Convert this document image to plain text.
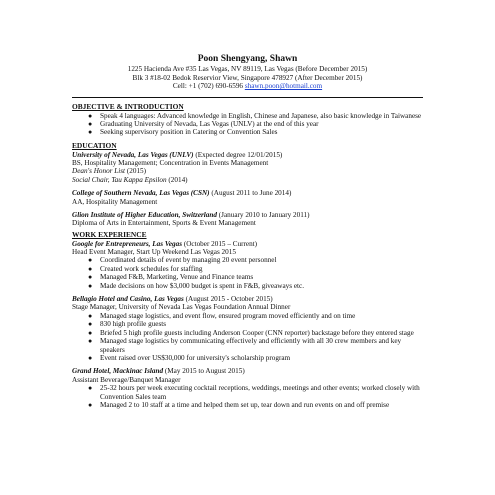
Poon Shengyang, Shawn
1225 Hacienda Ave #35 Las Vegas, NV 89119, Las Vegas (Before December 2015)
Blk 3 #18-02 Bedok Reservior View, Singapore 478927 (After December 2015)
Cell: +1 (702) 690-6596 shawn.poon@hotmail.com
OBJECTIVE & INTRODUCTION
● Speak 4 languages: Advanced knowledge in English, Chinese and Japanese, also basic knowledge in Taiwanese
● Graduating University of Nevada, Las Vegas (UNLV) at the end of this year
● Seeking supervisory position in Catering or Convention Sales
EDUCATION
University of Nevada, Las Vegas (UNLV) (Expected degree 12/01/2015)
BS, Hospitality Management; Concentration in Events Management
Dean's Honor List (2015)
Social Chair, Tau Kappa Epsilon (2014)
College of Southern Nevada, Las Vegas (CSN) (August 2011 to June 2014)
AA, Hospitality Management
Glion Institute of Higher Education, Switzerland (January 2010 to January 2011)
Diploma of Arts in Entertainment, Sports & Event Management
WORK EXPERIENCE
Google for Entrepreneurs, Las Vegas (October 2015 – Current)
Head Event Manager, Start Up Weekend Las Vegas 2015
● Coordinated details of event by managing 20 event personnel
● Created work schedules for staffing
● Managed F&B, Marketing, Venue and Finance teams
● Made decisions on how $3,000 budget is spent in F&B, giveaways etc.
Bellagio Hotel and Casino, Las Vegas (August 2015 - October 2015)
Stage Manager, University of Nevada Las Vegas Foundation Annual Dinner
● Managed stage logistics, and event flow, ensured program moved efficiently and on time
● 830 high profile guests
● Briefed 5 high profile guests including Anderson Cooper (CNN reporter) backstage before they entered stage
● Managed stage logistics by communicating effectively and efficiently with all 30 crew members and key speakers
● Event raised over US$30,000 for university's scholarship program
Grand Hotel, Mackinac Island (May 2015 to August 2015)
Assistant Beverage/Banquet Manager
● 25-32 hours per week executing cocktail receptions, weddings, meetings and other events; worked closely with Convention Sales team
● Managed 2 to 10 staff at a time and helped them set up, tear down and run events on and off premise
